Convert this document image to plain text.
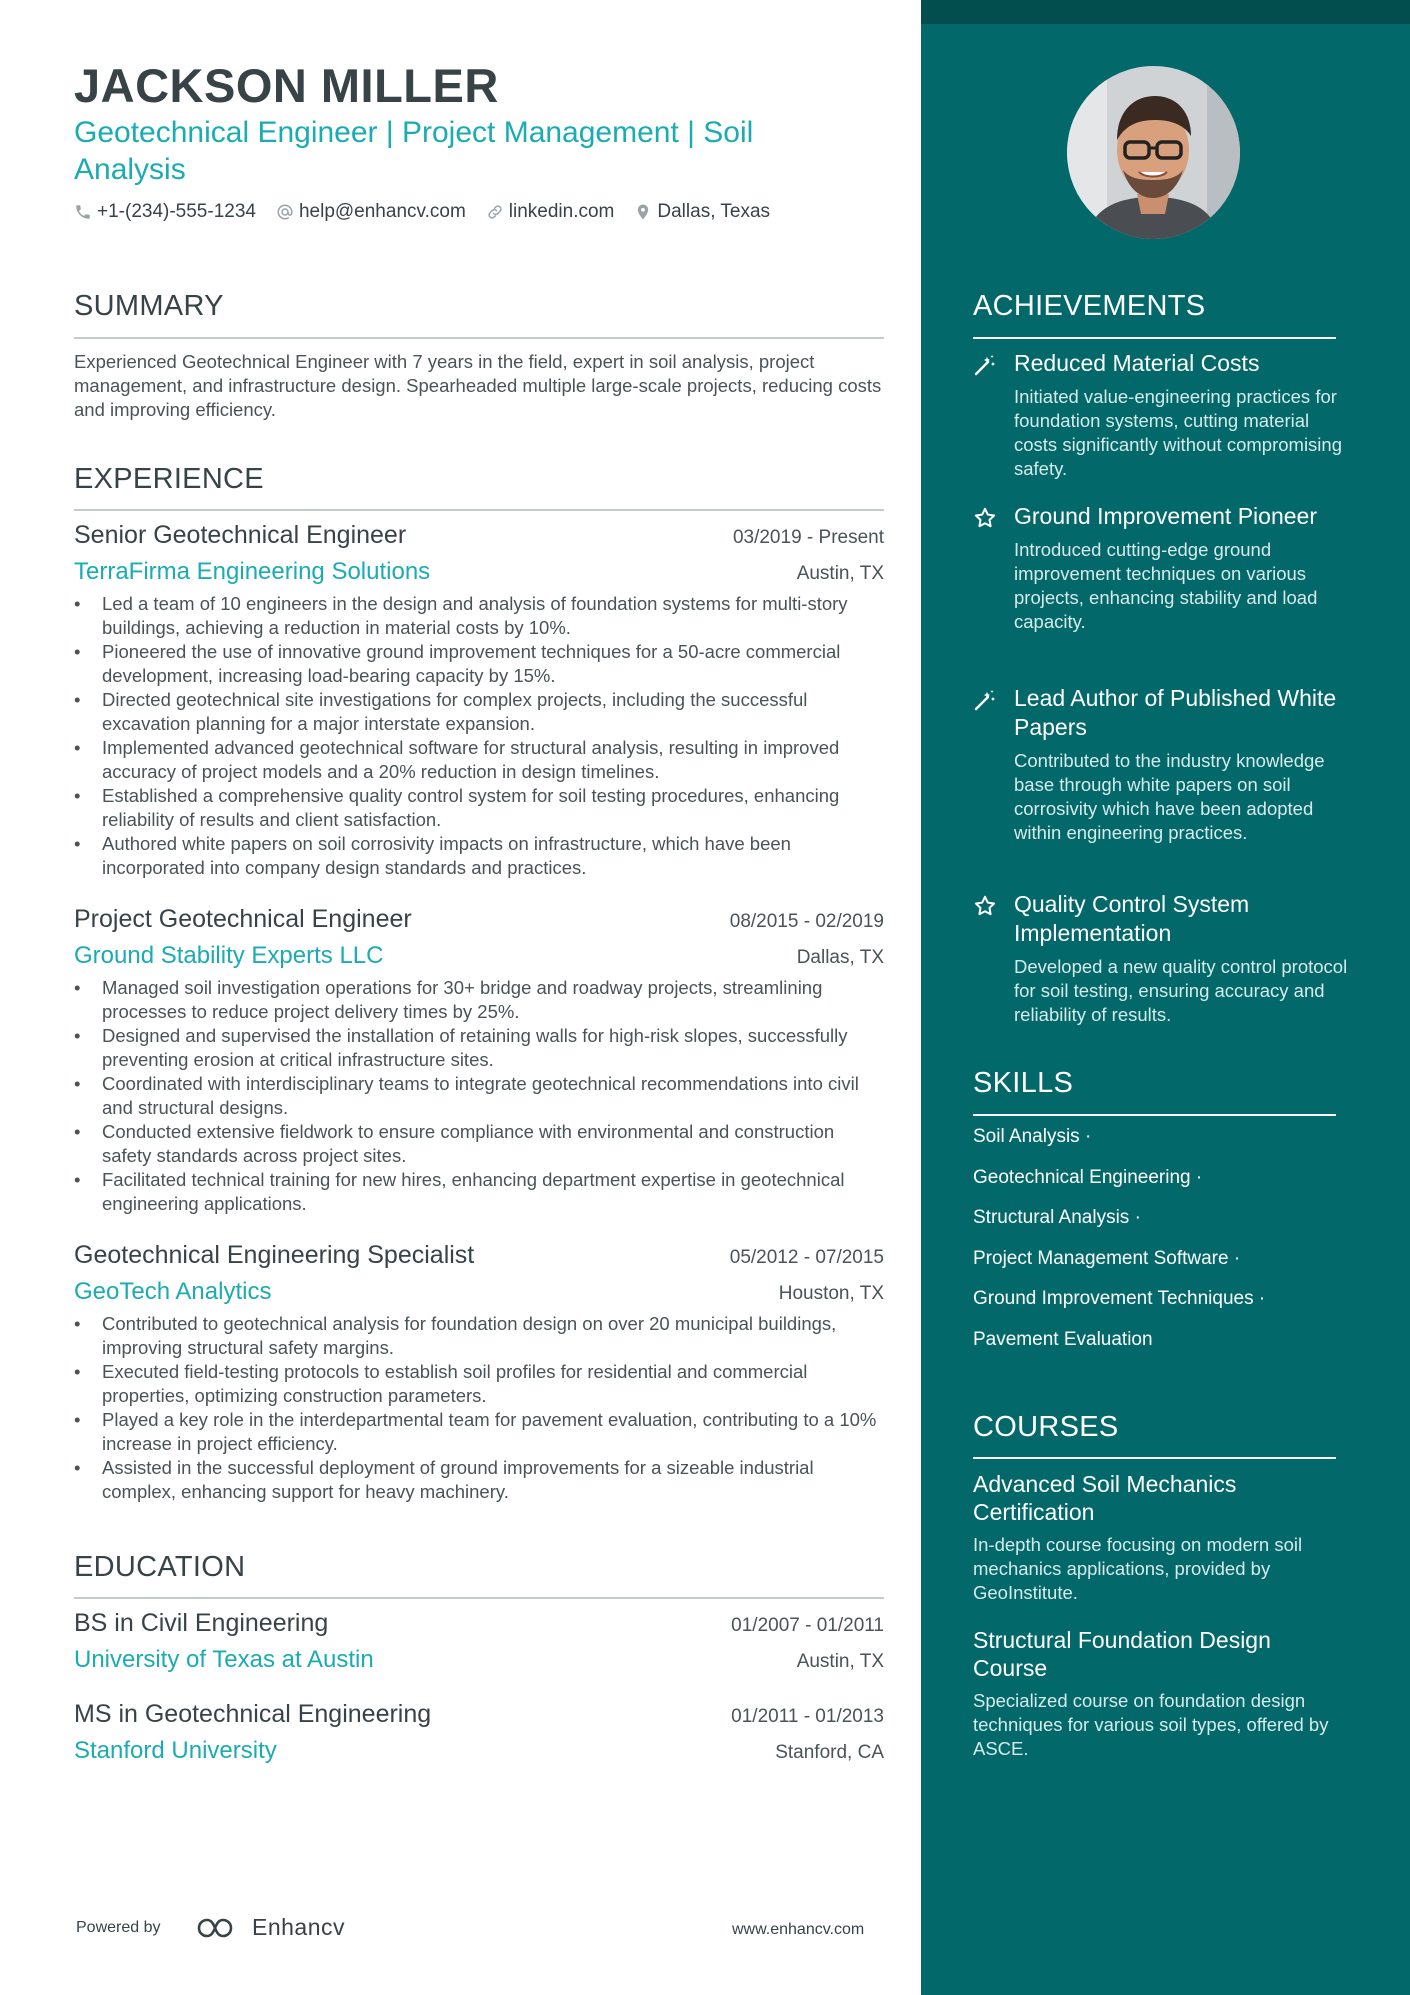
JACKSON MILLER
Geotechnical Engineer | Project Management | Soil Analysis
+1-(234)-555-1234 help@enhancv.com linkedin.com Dallas, Texas
SUMMARY
Experienced Geotechnical Engineer with 7 years in the field, expert in soil analysis, project management, and infrastructure design. Spearheaded multiple large-scale projects, reducing costs and improving efficiency.
EXPERIENCE
Senior Geotechnical Engineer	03/2019 - Present
TerraFirma Engineering Solutions	Austin, TX
• Led a team of 10 engineers in the design and analysis of foundation systems for multi-story buildings, achieving a reduction in material costs by 10%.
• Pioneered the use of innovative ground improvement techniques for a 50-acre commercial development, increasing load-bearing capacity by 15%.
• Directed geotechnical site investigations for complex projects, including the successful excavation planning for a major interstate expansion.
• Implemented advanced geotechnical software for structural analysis, resulting in improved accuracy of project models and a 20% reduction in design timelines.
• Established a comprehensive quality control system for soil testing procedures, enhancing reliability of results and client satisfaction.
• Authored white papers on soil corrosivity impacts on infrastructure, which have been incorporated into company design standards and practices.
Project Geotechnical Engineer	08/2015 - 02/2019
Ground Stability Experts LLC	Dallas, TX
• Managed soil investigation operations for 30+ bridge and roadway projects, streamlining processes to reduce project delivery times by 25%.
• Designed and supervised the installation of retaining walls for high-risk slopes, successfully preventing erosion at critical infrastructure sites.
• Coordinated with interdisciplinary teams to integrate geotechnical recommendations into civil and structural designs.
• Conducted extensive fieldwork to ensure compliance with environmental and construction safety standards across project sites.
• Facilitated technical training for new hires, enhancing department expertise in geotechnical engineering applications.
Geotechnical Engineering Specialist	05/2012 - 07/2015
GeoTech Analytics	Houston, TX
• Contributed to geotechnical analysis for foundation design on over 20 municipal buildings, improving structural safety margins.
• Executed field-testing protocols to establish soil profiles for residential and commercial properties, optimizing construction parameters.
• Played a key role in the interdepartmental team for pavement evaluation, contributing to a 10% increase in project efficiency.
• Assisted in the successful deployment of ground improvements for a sizeable industrial complex, enhancing support for heavy machinery.
EDUCATION
BS in Civil Engineering	01/2007 - 01/2011
University of Texas at Austin	Austin, TX
MS in Geotechnical Engineering	01/2011 - 01/2013
Stanford University	Stanford, CA
Powered by	Enhancv	www.enhancv.com
ACHIEVEMENTS
Reduced Material Costs
Initiated value-engineering practices for foundation systems, cutting material costs significantly without compromising safety.
Ground Improvement Pioneer
Introduced cutting-edge ground improvement techniques on various projects, enhancing stability and load capacity.
Lead Author of Published White Papers
Contributed to the industry knowledge base through white papers on soil corrosivity which have been adopted within engineering practices.
Quality Control System Implementation
Developed a new quality control protocol for soil testing, ensuring accuracy and reliability of results.
SKILLS
Soil Analysis ·
Geotechnical Engineering ·
Structural Analysis ·
Project Management Software ·
Ground Improvement Techniques ·
Pavement Evaluation
COURSES
Advanced Soil Mechanics Certification
In-depth course focusing on modern soil mechanics applications, provided by GeoInstitute.
Structural Foundation Design Course
Specialized course on foundation design techniques for various soil types, offered by ASCE.
